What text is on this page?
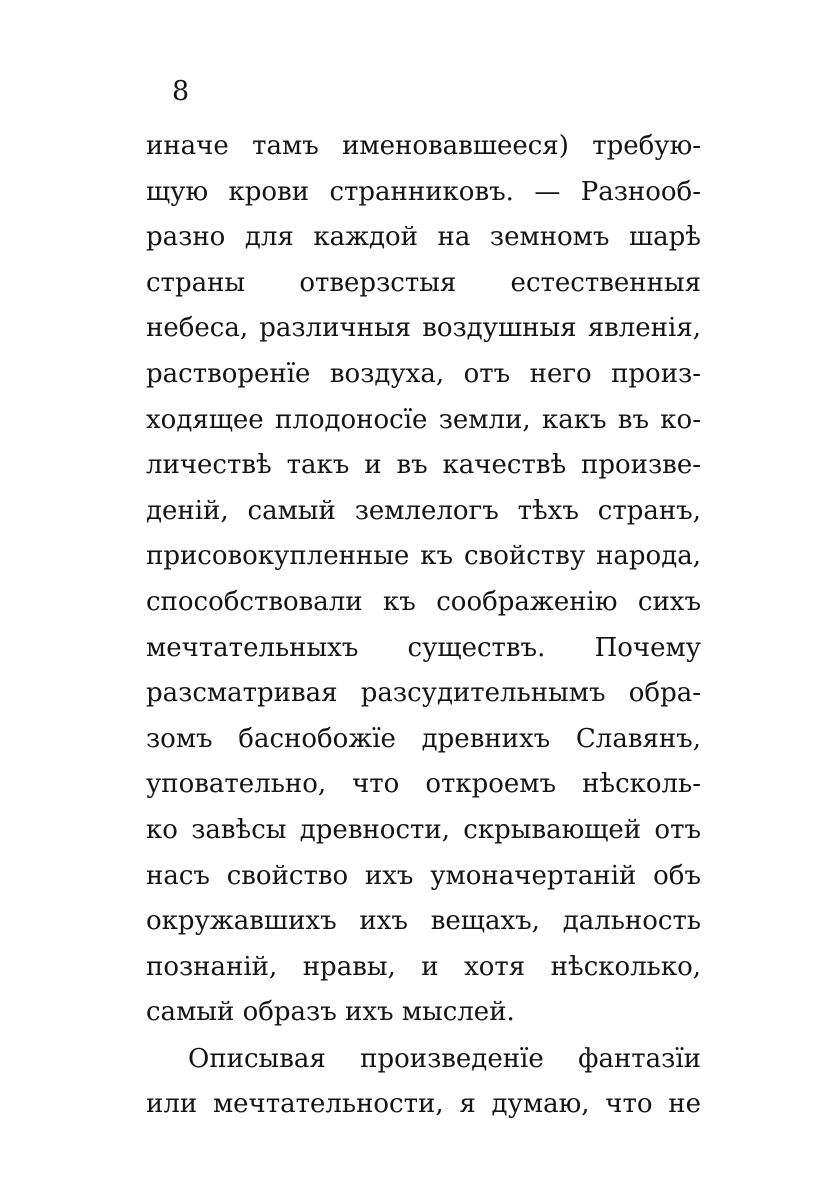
8
иначе тамъ именовавшееся) требую-
щую крови странниковъ. — Разнооб-
разно для каждой на земномъ шарѣ
страны отверзстыя естественныя
небеса, различныя воздушныя явленія,
растворенїе воздуха, отъ него произ-
ходящее плодоносїе земли, какъ въ ко-
личествѣ такъ и въ качествѣ произве-
деній, самый землелогъ тѣхъ странъ,
присовокупленные къ свойству народа,
способствовали къ соображенію сихъ
мечтательныхъ существъ. Почему
разсматривая разсудительнымъ обра-
зомъ баснобожїе древнихъ Славянъ,
уповательно, что откроемъ нѣсколь-
ко завѣсы древности, скрывающей отъ
насъ свойство ихъ умоначертаній объ
окружавшихъ ихъ вещахъ, дальность
познаній, нравы, и хотя нѣсколько,
самый образъ ихъ мыслей.
Описывая произведенїе фантазїи
или мечтательности, я думаю, что не
